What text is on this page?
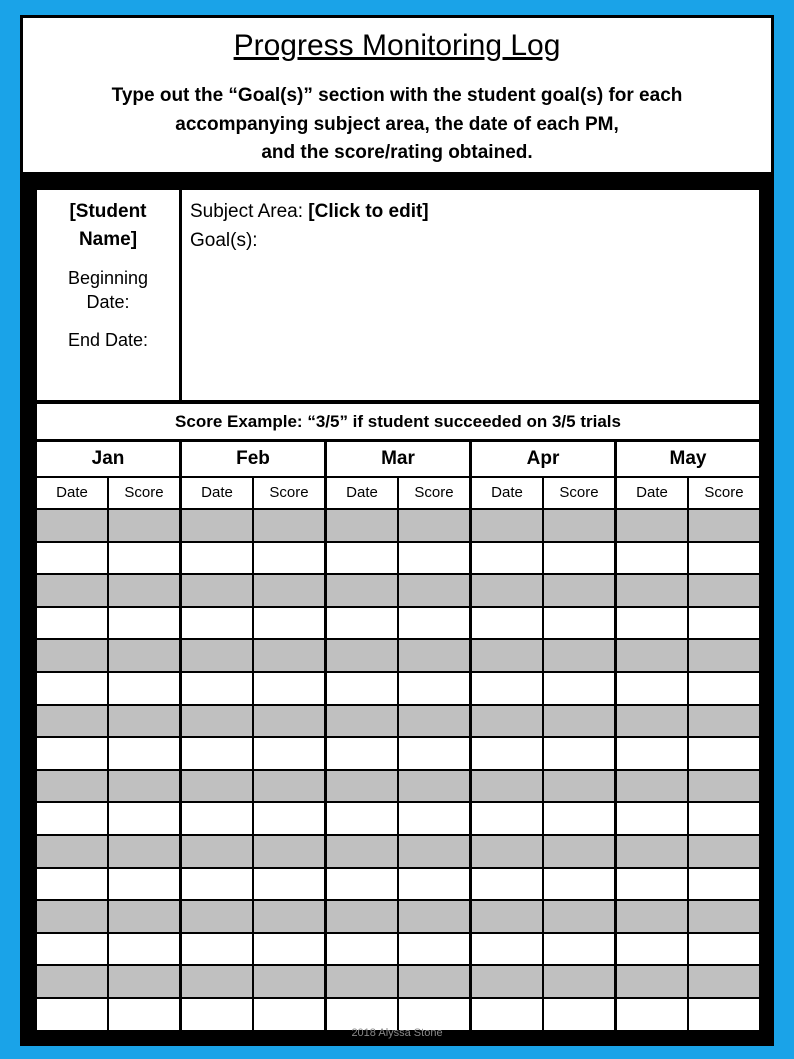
Progress Monitoring Log
Type out the “Goal(s)” section with the student goal(s) for each
accompanying subject area, the date of each PM,
and the score/rating obtained.
[Student
Name]
Beginning
Date:
End Date:
Subject Area: [Click to edit]
Goal(s):
Score Example: “3/5” if student succeeded on 3/5 trials
Jan	Feb	Mar	Apr	May
Date	Score	Date	Score	Date	Score	Date	Score	Date	Score
2018 Alyssa Stone
